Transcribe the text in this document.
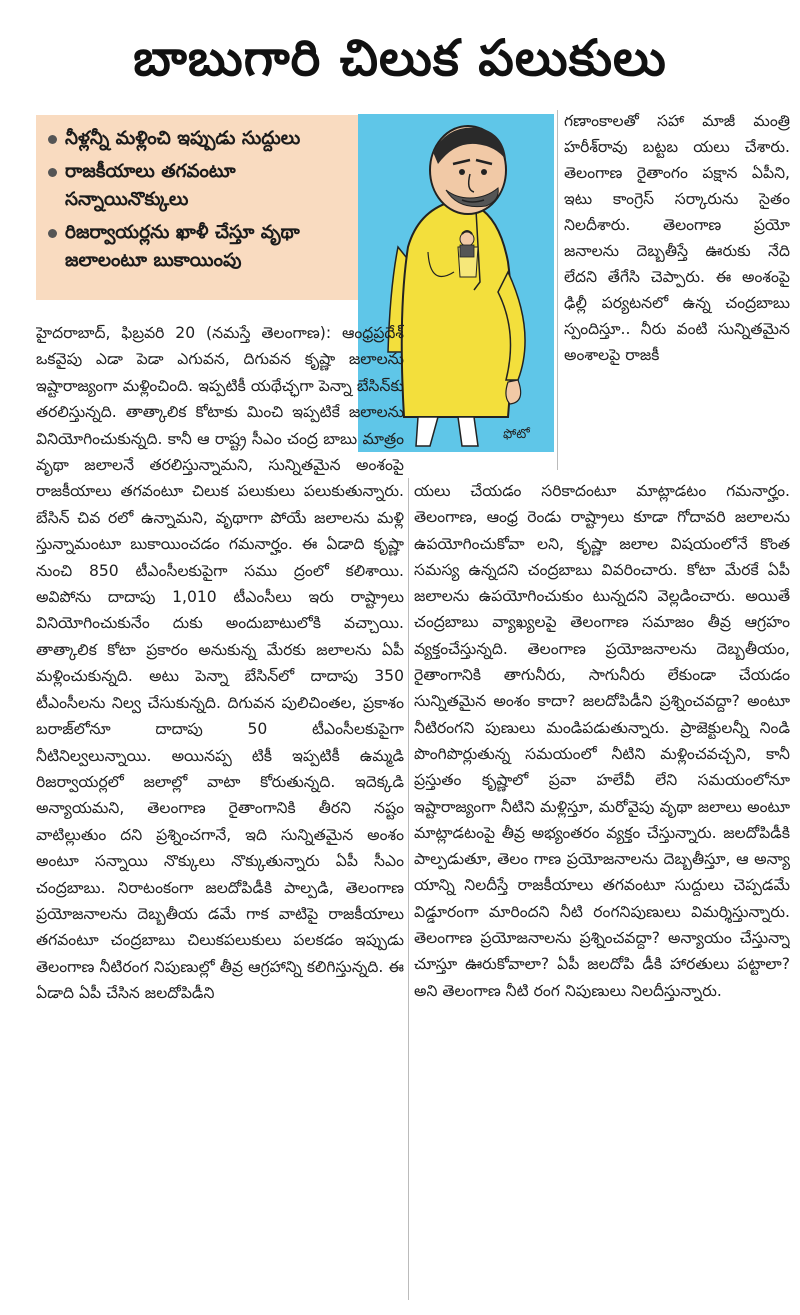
బాబుగారి చిలుక పలుకులు
నీళ్లన్నీ మళ్లించి ఇప్పుడు సుద్దులు
రాజకీయాలు తగవంటూ సన్నాయినొక్కులు
రిజర్వాయర్లను ఖాళీ చేస్తూ వృథా జలాలంటూ బుకాయింపు
ఫోటో
గణాంకాలతో సహా మాజీ మంత్రి హరీశ్‌రావు బట్టబ యలు చేశారు. తెలంగాణ రైతాంగం పక్షాన ఏపీని, ఇటు కాంగ్రెస్ సర్కారును సైతం నిలదీశారు. తెలంగాణ ప్రయో జనాలను దెబ్బతీస్తే ఊరుకు నేది లేదని తేగేసి చెప్పారు. ఈ అంశంపై ఢిల్లీ పర్యటనలో ఉన్న చంద్రబాబు స్పందిస్తూ.. నీరు వంటి సున్నితమైన అంశాలపై రాజకీ
హైదరాబాద్, ఫిబ్రవరి 20 (నమస్తే తెలంగాణ): ఆంధ్రప్రదేశ్ ఒకవైపు ఎడా పెడా ఎగువన, దిగువన కృష్ణా జలాలను ఇష్టారాజ్యంగా మళ్లించింది. ఇప్పటికీ యథేచ్ఛగా పెన్నా బేసిన్‌కు తరలిస్తున్నది. తాత్కాలిక కోటాకు మించి ఇప్పటికే జలాలను వినియోగించుకున్నది. కానీ ఆ రాష్ట్ర సీఎం చంద్ర బాబు మాత్రం వృథా జలాలనే తరలిస్తున్నామని, సున్నితమైన అంశంపై రాజకీయాలు తగవంటూ చిలుక పలుకులు పలుకుతున్నారు. బేసిన్ చివ రలో ఉన్నామని, వృథాగా పోయే జలాలను మళ్లి స్తున్నామంటూ బుకాయించడం గమనార్హం. ఈ ఏడాది కృష్ణా నుంచి 850 టీఎంసీలకుపైగా సము ద్రంలో కలిశాయి. అవిపోను దాదాపు 1,010 టీఎంసీలు ఇరు రాష్ట్రాలు వినియోగించుకునేం దుకు అందుబాటులోకి వచ్చాయి. తాత్కాలిక కోటా ప్రకారం అనుకున్న మేరకు జలాలను ఏపీ మళ్లించుకున్నది. అటు పెన్నా బేసిన్‌లో దాదాపు 350 టీఎంసీలను నిల్వ చేసుకున్నది. దిగువన పులిచింతల, ప్రకాశం బరాజ్‌లోనూ దాదాపు 50 టీఎంసీలకుపైగా నీటినిల్వలున్నాయి. అయినప్ప టికీ ఇప్పటికీ ఉమ్మడి రిజర్వాయర్లలో జలాల్లో వాటా కోరుతున్నది. ఇదెక్కడి అన్యాయమని, తెలంగాణ రైతాంగానికి తీరని నష్టం వాటిల్లుతుం దని ప్రశ్నించగానే, ఇది సున్నితమైన అంశం అంటూ సన్నాయి నొక్కులు నొక్కుతున్నారు ఏపీ సీఎం చంద్రబాబు. నిరాటంకంగా జలదోపిడీకి పాల్పడి, తెలంగాణ ప్రయోజనాలను దెబ్బతీయ డమే గాక వాటిపై రాజకీయాలు తగవంటూ చంద్రబాబు చిలుకపలుకులు పలకడం ఇప్పుడు తెలంగాణ నీటిరంగ నిపుణుల్లో తీవ్ర ఆగ్రహాన్ని కలిగిస్తున్నది. ఈ ఏడాది ఏపీ చేసిన జలదోపిడీని
యలు చేయడం సరికాదంటూ మాట్లాడటం గమనార్హం. తెలంగాణ, ఆంధ్ర రెండు రాష్ట్రాలు కూడా గోదావరి జలాలను ఉపయోగించుకోవా లని, కృష్ణా జలాల విషయంలోనే కొంత సమస్య ఉన్నదని చంద్రబాబు వివరించారు. కోటా మేరకే ఏపీ జలాలను ఉపయోగించుకుం టున్నదని వెల్లడించారు. అయితే చంద్రబాబు వ్యాఖ్యలపై తెలంగాణ సమాజం తీవ్ర ఆగ్రహం వ్యక్తంచేస్తున్నది. తెలంగాణ ప్రయోజనాలను దెబ్బతీయం, రైతాంగానికి తాగునీరు, సాగునీరు లేకుండా చేయడం సున్నితమైన అంశం కాదా? జలదోపిడీని ప్రశ్నించవద్దా? అంటూ నీటిరంగని పుణులు మండిపడుతున్నారు. ప్రాజెక్టులన్నీ నిండి పొంగిపొర్లుతున్న సమయంలో నీటిని మళ్లించవచ్చని, కానీ ప్రస్తుతం కృష్ణాలో ప్రవా హలేవీ లేని సమయంలోనూ ఇష్టారాజ్యంగా నీటిని మళ్లిస్తూ, మరోవైపు వృథా జలాలు అంటూ మాట్లాడటంపై తీవ్ర అభ్యంతరం వ్యక్తం చేస్తున్నారు. జలదోపిడీకి పాల్పడుతూ, తెలం గాణ ప్రయోజనాలను దెబ్బతీస్తూ, ఆ అన్యా యాన్ని నిలదీస్తే రాజకీయాలు తగవంటూ సుద్దులు చెప్పడమే విడ్డూరంగా మారిందని నీటి రంగనిపుణులు విమర్శిస్తున్నారు. తెలంగాణ ప్రయోజనాలను ప్రశ్నించవద్దా? అన్యాయం చేస్తున్నా చూస్తూ ఊరుకోవాలా? ఏపీ జలదోపి డీకి హారతులు పట్టాలా? అని తెలంగాణ నీటి రంగ నిపుణులు నిలదీస్తున్నారు.
